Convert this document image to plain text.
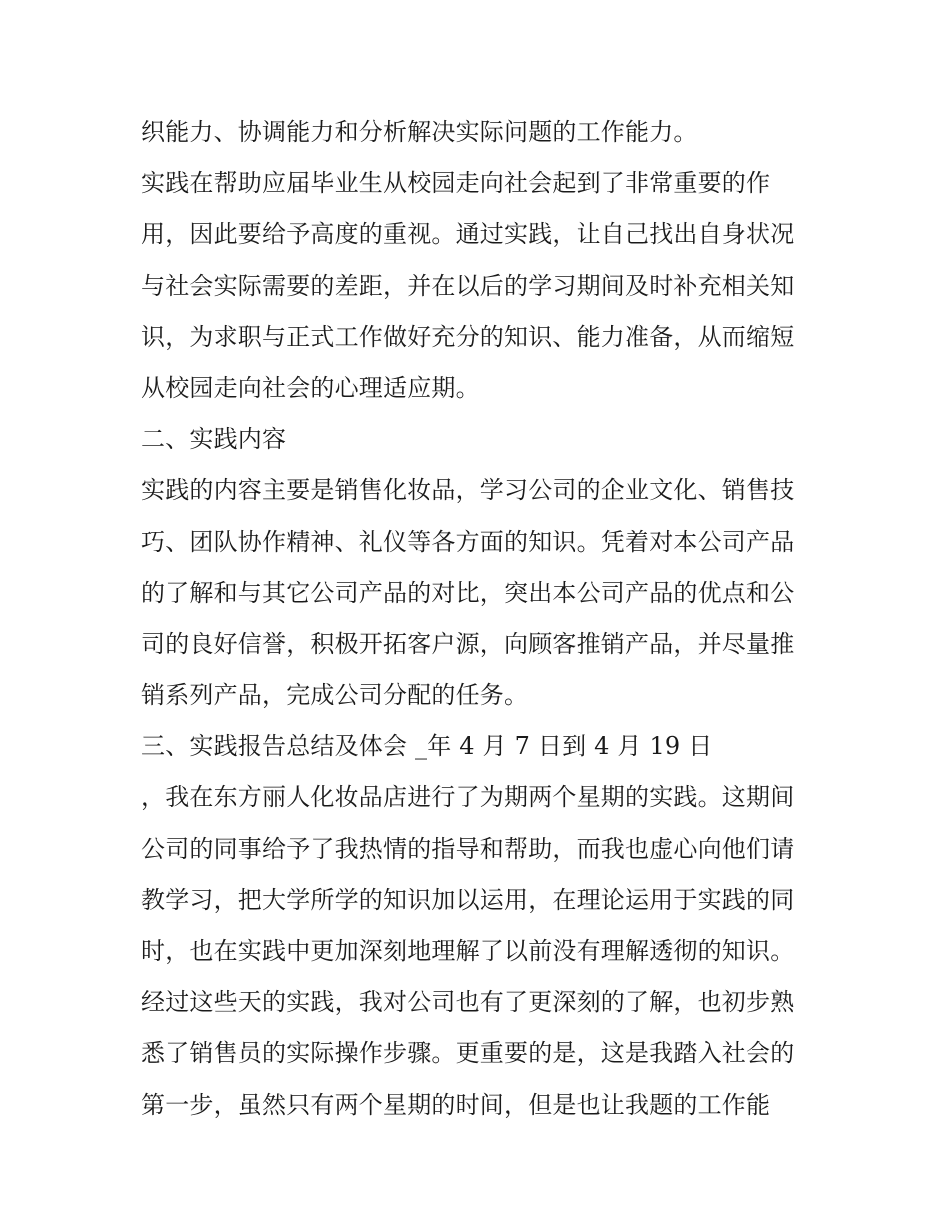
织能力、协调能力和分析解决实际问题的工作能力。
实践在帮助应届毕业生从校园走向社会起到了非常重要的作
用，因此要给予高度的重视。通过实践，让自己找出自身状况
与社会实际需要的差距，并在以后的学习期间及时补充相关知
识，为求职与正式工作做好充分的知识、能力准备，从而缩短
从校园走向社会的心理适应期。
二、实践内容
实践的内容主要是销售化妆品，学习公司的企业文化、销售技
巧、团队协作精神、礼仪等各方面的知识。凭着对本公司产品
的了解和与其它公司产品的对比，突出本公司产品的优点和公
司的良好信誉，积极开拓客户源，向顾客推销产品，并尽量推
销系列产品，完成公司分配的任务。
三、实践报告总结及体会 _年 4 月 7 日到 4 月 19 日
，我在东方丽人化妆品店进行了为期两个星期的实践。这期间
公司的同事给予了我热情的指导和帮助，而我也虚心向他们请
教学习，把大学所学的知识加以运用，在理论运用于实践的同
时，也在实践中更加深刻地理解了以前没有理解透彻的知识。
经过这些天的实践，我对公司也有了更深刻的了解，也初步熟
悉了销售员的实际操作步骤。更重要的是，这是我踏入社会的
第一步，虽然只有两个星期的时间，但是也让我题的工作能
